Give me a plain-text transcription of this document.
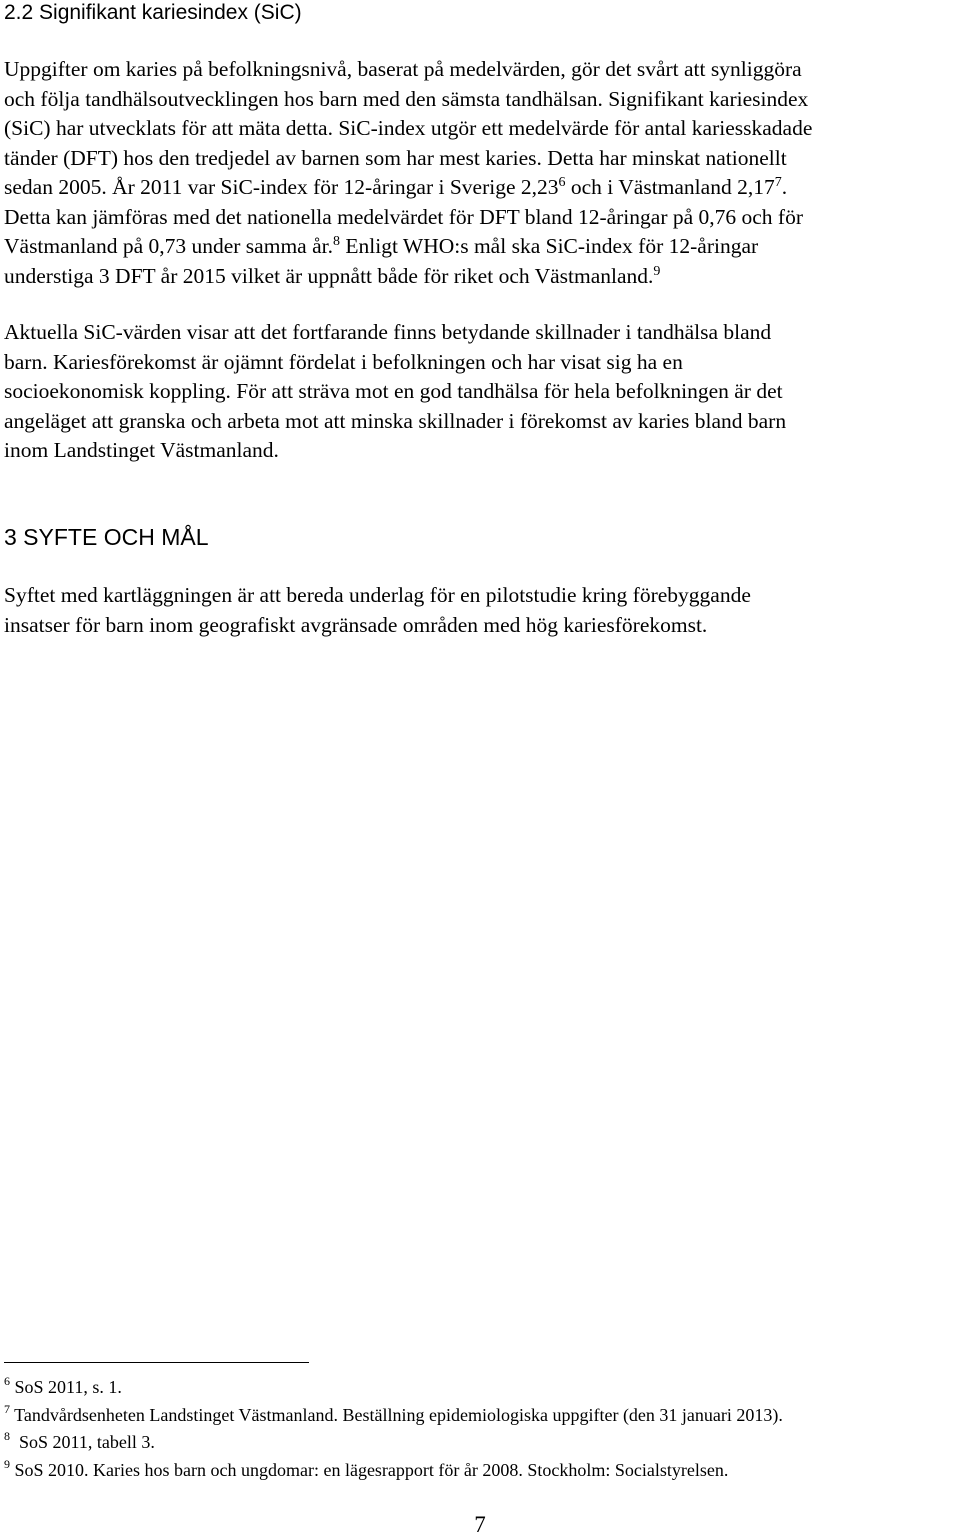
2.2 Signifikant kariesindex (SiC)

Uppgifter om karies på befolkningsnivå, baserat på medelvärden, gör det svårt att synliggöra
och följa tandhälsoutvecklingen hos barn med den sämsta tandhälsan. Signifikant kariesindex
(SiC) har utvecklats för att mäta detta. SiC-index utgör ett medelvärde för antal kariesskadade
tänder (DFT) hos den tredjedel av barnen som har mest karies. Detta har minskat nationellt
sedan 2005. År 2011 var SiC-index för 12-åringar i Sverige 2,23$^6$ och i Västmanland 2,17$^7$.
Detta kan jämföras med det nationella medelvärdet för DFT bland 12-åringar på 0,76 och för
Västmanland på 0,73 under samma år.$^8$ Enligt WHO:s mål ska SiC-index för 12-åringar
understiga 3 DFT år 2015 vilket är uppnått både för riket och Västmanland.$^9$

Aktuella SiC-värden visar att det fortfarande finns betydande skillnader i tandhälsa bland
barn. Kariesförekomst är ojämnt fördelat i befolkningen och har visat sig ha en
socioekonomisk koppling. För att sträva mot en god tandhälsa för hela befolkningen är det
angeläget att granska och arbeta mot att minska skillnader i förekomst av karies bland barn
inom Landstinget Västmanland.

3 SYFTE OCH MÅL

Syftet med kartläggningen är att bereda underlag för en pilotstudie kring förebyggande
insatser för barn inom geografiskt avgränsade områden med hög kariesförekomst.

$^6$ SoS 2011, s. 1.
$^7$ Tandvårdsenheten Landstinget Västmanland. Beställning epidemiologiska uppgifter (den 31 januari 2013).
$^8$  SoS 2011, tabell 3.
$^9$ SoS 2010. Karies hos barn och ungdomar: en lägesrapport för år 2008. Stockholm: Socialstyrelsen.
7
